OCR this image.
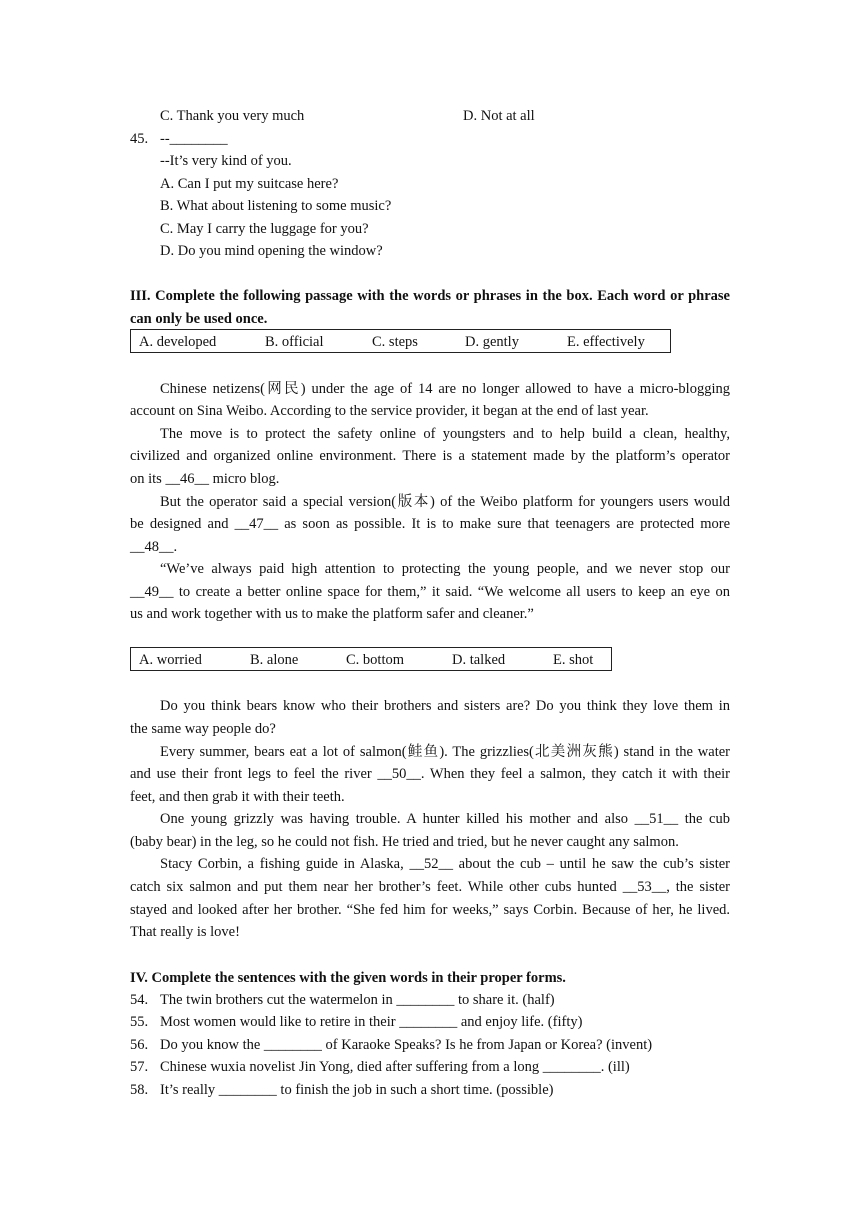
C. Thank you very much	D. Not at all
45. --________
--It’s very kind of you.
A. Can I put my suitcase here?
B. What about listening to some music?
C. May I carry the luggage for you?
D. Do you mind opening the window?
III. Complete the following passage with the words or phrases in the box. Each word or phrase
can only be used once.
A. developed	B. official	C. steps	D. gently	E. effectively
Chinese netizens(网民) under the age of 14 are no longer allowed to have a micro-blogging
account on Sina Weibo. According to the service provider, it began at the end of last year.
The move is to protect the safety online of youngsters and to help build a clean, healthy,
civilized and organized online environment. There is a statement made by the platform’s operator
on its __46__ micro blog.
But the operator said a special version(版本) of the Weibo platform for youngers users would
be designed and __47__ as soon as possible. It is to make sure that teenagers are protected more
__48__.
“We’ve always paid high attention to protecting the young people, and we never stop our
__49__ to create a better online space for them,” it said. “We welcome all users to keep an eye on
us and work together with us to make the platform safer and cleaner.”
A. worried	B. alone	C. bottom	D. talked	E. shot
Do you think bears know who their brothers and sisters are? Do you think they love them in
the same way people do?
Every summer, bears eat a lot of salmon(鲑鱼). The grizzlies(北美洲灰熊) stand in the water
and use their front legs to feel the river __50__. When they feel a salmon, they catch it with their
feet, and then grab it with their teeth.
One young grizzly was having trouble. A hunter killed his mother and also __51__ the cub
(baby bear) in the leg, so he could not fish. He tried and tried, but he never caught any salmon.
Stacy Corbin, a fishing guide in Alaska, __52__ about the cub – until he saw the cub’s sister
catch six salmon and put them near her brother’s feet. While other cubs hunted __53__, the sister
stayed and looked after her brother. “She fed him for weeks,” says Corbin. Because of her, he lived.
That really is love!
IV. Complete the sentences with the given words in their proper forms.
54. The twin brothers cut the watermelon in ________ to share it. (half)
55. Most women would like to retire in their ________ and enjoy life. (fifty)
56. Do you know the ________ of Karaoke Speaks? Is he from Japan or Korea? (invent)
57. Chinese wuxia novelist Jin Yong, died after suffering from a long ________. (ill)
58. It’s really ________ to finish the job in such a short time. (possible)
